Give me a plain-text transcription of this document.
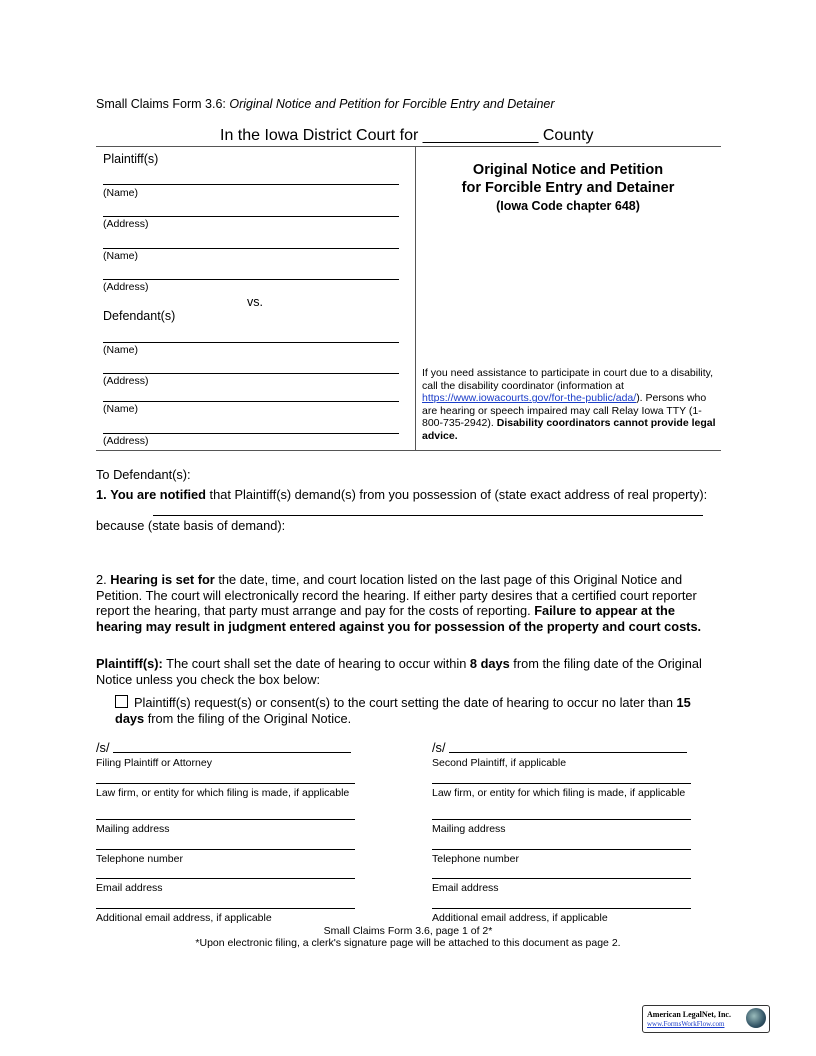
Small Claims Form 3.6: Original Notice and Petition for Forcible Entry and Detainer
In the Iowa District Court for _____________ County
Plaintiff(s)
(Name)
(Address)
(Name)
(Address)
vs.
Defendant(s)
(Name)
(Address)
(Name)
(Address)
Original Notice and Petition
for Forcible Entry and Detainer
(Iowa Code chapter 648)
If you need assistance to participate in court due to a disability, call the disability coordinator (information at https://www.iowacourts.gov/for-the-public/ada/). Persons who are hearing or speech impaired may call Relay Iowa TTY (1-800-735-2942). Disability coordinators cannot provide legal advice.
To Defendant(s):
1. You are notified that Plaintiff(s) demand(s) from you possession of (state exact address of real property):
because (state basis of demand):
2. Hearing is set for the date, time, and court location listed on the last page of this Original Notice and Petition. The court will electronically record the hearing. If either party desires that a certified court reporter report the hearing, that party must arrange and pay for the costs of reporting. Failure to appear at the hearing may result in judgment entered against you for possession of the property and court costs.
Plaintiff(s): The court shall set the date of hearing to occur within 8 days from the filing date of the Original Notice unless you check the box below:
Plaintiff(s) request(s) or consent(s) to the court setting the date of hearing to occur no later than 15 days from the filing of the Original Notice.
/s/
Filing Plaintiff or Attorney
Law firm, or entity for which filing is made, if applicable
Mailing address
Telephone number
Email address
Additional email address, if applicable
/s/
Second Plaintiff, if applicable
Law firm, or entity for which filing is made, if applicable
Mailing address
Telephone number
Email address
Additional email address, if applicable
Small Claims Form 3.6, page 1 of 2*
*Upon electronic filing, a clerk's signature page will be attached to this document as page 2.
American LegalNet, Inc.
www.FormsWorkFlow.com
